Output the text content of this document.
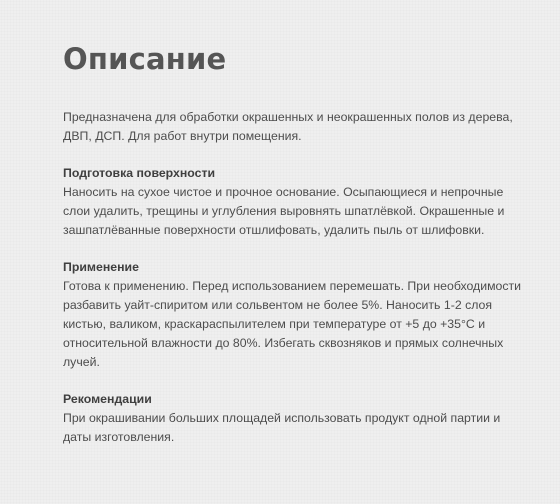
Описание

Предназначена для обработки окрашенных и неокрашенных полов из дерева, ДВП, ДСП. Для работ внутри помещения.

Подготовка поверхности

Наносить на сухое чистое и прочное основание. Осыпающиеся и непрочные слои удалить, трещины и углубления выровнять шпатлёвкой. Окрашенные и зашпатлёванные поверхности отшлифовать, удалить пыль от шлифовки.

Применение

Готова к применению. Перед использованием перемешать. При необходимости разбавить уайт-спиритом или сольвентом не более 5%. Наносить 1-2 слоя кистью, валиком, краскараспылителем при температуре от +5 до +35°С и относительной влажности до 80%. Избегать сквозняков и прямых солнечных лучей.

Рекомендации

При окрашивании больших площадей использовать продукт одной партии и даты изготовления.
